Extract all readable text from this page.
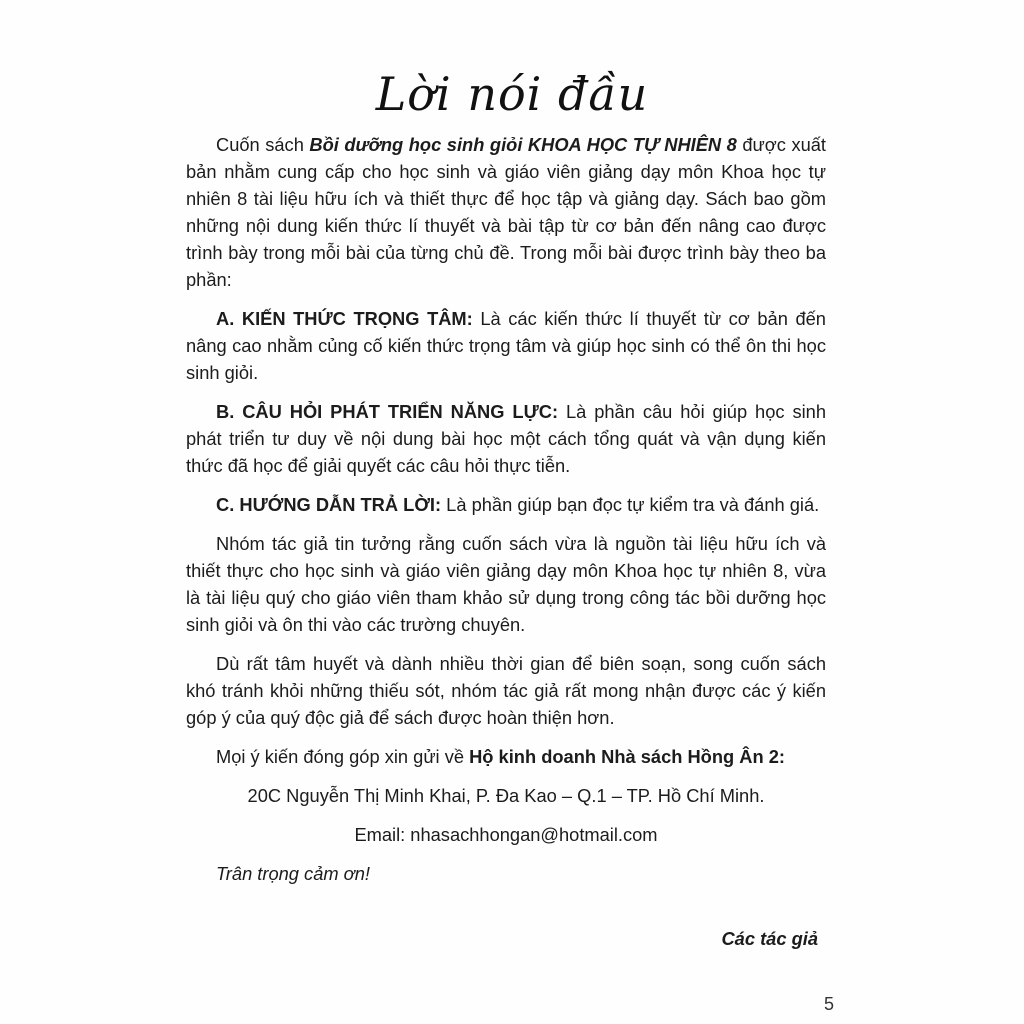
Lời nói đầu

Cuốn sách Bồi dưỡng học sinh giỏi KHOA HỌC TỰ NHIÊN 8 được xuất bản nhằm cung cấp cho học sinh và giáo viên giảng dạy môn Khoa học tự nhiên 8 tài liệu hữu ích và thiết thực để học tập và giảng dạy. Sách bao gồm những nội dung kiến thức lí thuyết và bài tập từ cơ bản đến nâng cao được trình bày trong mỗi bài của từng chủ đề. Trong mỗi bài được trình bày theo ba phần:

A. KIẾN THỨC TRỌNG TÂM: Là các kiến thức lí thuyết từ cơ bản đến nâng cao nhằm củng cố kiến thức trọng tâm và giúp học sinh có thể ôn thi học sinh giỏi.

B. CÂU HỎI PHÁT TRIỂN NĂNG LỰC: Là phần câu hỏi giúp học sinh phát triển tư duy về nội dung bài học một cách tổng quát và vận dụng kiến thức đã học để giải quyết các câu hỏi thực tiễn.

C. HƯỚNG DẪN TRẢ LỜI: Là phần giúp bạn đọc tự kiểm tra và đánh giá.

Nhóm tác giả tin tưởng rằng cuốn sách vừa là nguồn tài liệu hữu ích và thiết thực cho học sinh và giáo viên giảng dạy môn Khoa học tự nhiên 8, vừa là tài liệu quý cho giáo viên tham khảo sử dụng trong công tác bồi dưỡng học sinh giỏi và ôn thi vào các trường chuyên.

Dù rất tâm huyết và dành nhiều thời gian để biên soạn, song cuốn sách khó tránh khỏi những thiếu sót, nhóm tác giả rất mong nhận được các ý kiến góp ý của quý độc giả để sách được hoàn thiện hơn.

Mọi ý kiến đóng góp xin gửi về Hộ kinh doanh Nhà sách Hồng Ân 2:

20C Nguyễn Thị Minh Khai, P. Đa Kao – Q.1 – TP. Hồ Chí Minh.

Email: nhasachhongan@hotmail.com

Trân trọng cảm ơn!

Các tác giả
5
